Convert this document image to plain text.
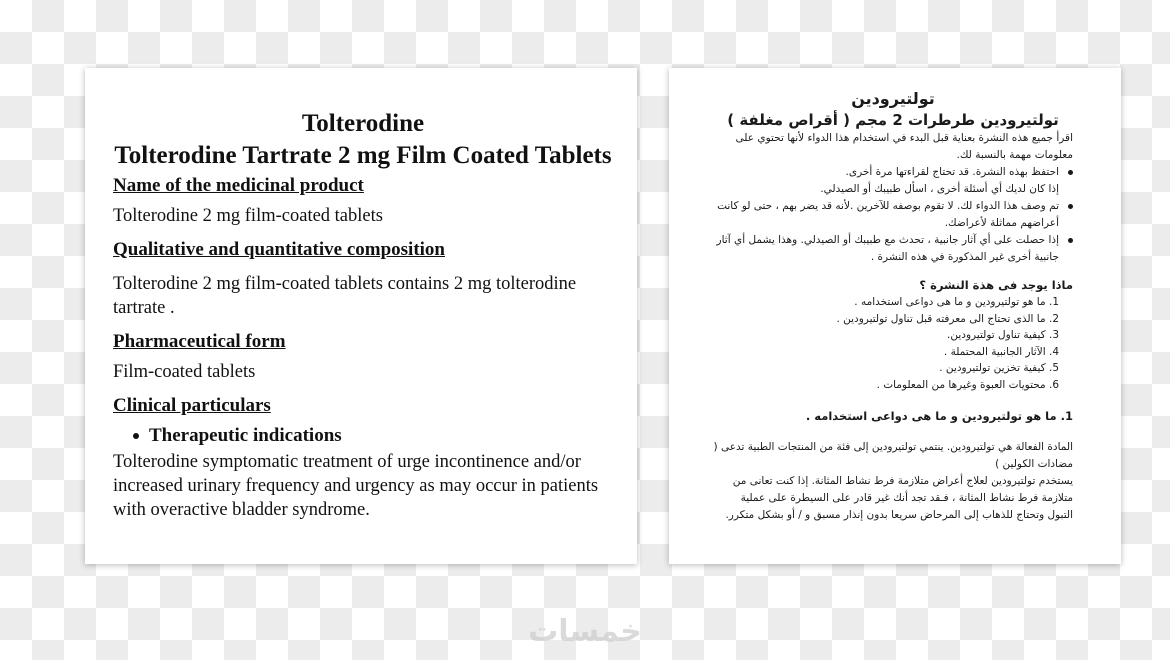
Tolterodine
Tolterodine Tartrate 2 mg Film Coated Tablets
Name of the medicinal product

Tolterodine 2 mg film-coated tablets

Qualitative and quantitative composition

Tolterodine 2 mg film-coated tablets contains 2 mg tolterodine tartrate .

Pharmaceutical form

Film-coated tablets

Clinical particulars
Therapeutic indications

Tolterodine symptomatic treatment of urge incontinence and/or increased urinary frequency and urgency as may occur in patients with overactive bladder syndrome.

تولتيرودين

تولتيرودين طرطرات 2 مجم ( أقراص مغلفة )

اقرأ جميع هذه النشرة بعناية قبل البدء في استخدام هذا الدواء لأنها تحتوي على معلومات مهمة بالنسبة لك.

احتفظ بهذه النشرة. قد تحتاج لقراءتها مرة أخرى.

إذا كان لديك أي أسئلة أخرى ، اسأل طبيبك أو الصيدلي.

تم وصف هذا الدواء لك. لا تقوم بوصفه للآخرين .لأنه قد يضر بهم ، حتى لو كانت أعراضهم مماثلة لأعراضك.

إذا حصلت على أي آثار جانبية ، تحدث مع طبيبك أو الصيدلي. وهذا يشمل أي آثار جانبية أخرى غير المذكورة في هذه النشرة .

ماذا يوجد فى هذة النشرة ؟

1. ما هو تولتيرودين و ما هى دواعى استخدامه .
2. ما الذى تحتاج الى معرفته قبل تناول تولتيرودين .
3. كيفية تناول تولتيرودين.
4. الآثار الجانبية المحتملة .
5. كيفية تخزين تولتيرودين .
6. محتويات العبوة وغيرها من المعلومات .

1. ما هو تولتيرودين و ما هى دواعى استخدامه .

المادة الفعالة هي تولتيرودين. ينتمي تولتيرودين إلى فئة من المنتجات الطبية تدعى ( مضادات الكولين )

يستخدم تولتيرودين لعلاج أعراض متلازمة فرط نشاط المثانة. إذا كنت تعانى من متلازمة فرط نشاط المثانة ، فـقد تجد أنك غير قادر على السيطرة على عملية التبول وتحتاج للذهاب إلى المرحاض سريعا بدون إنذار مسبق و / أو بشكل متكرر.

خمسات
